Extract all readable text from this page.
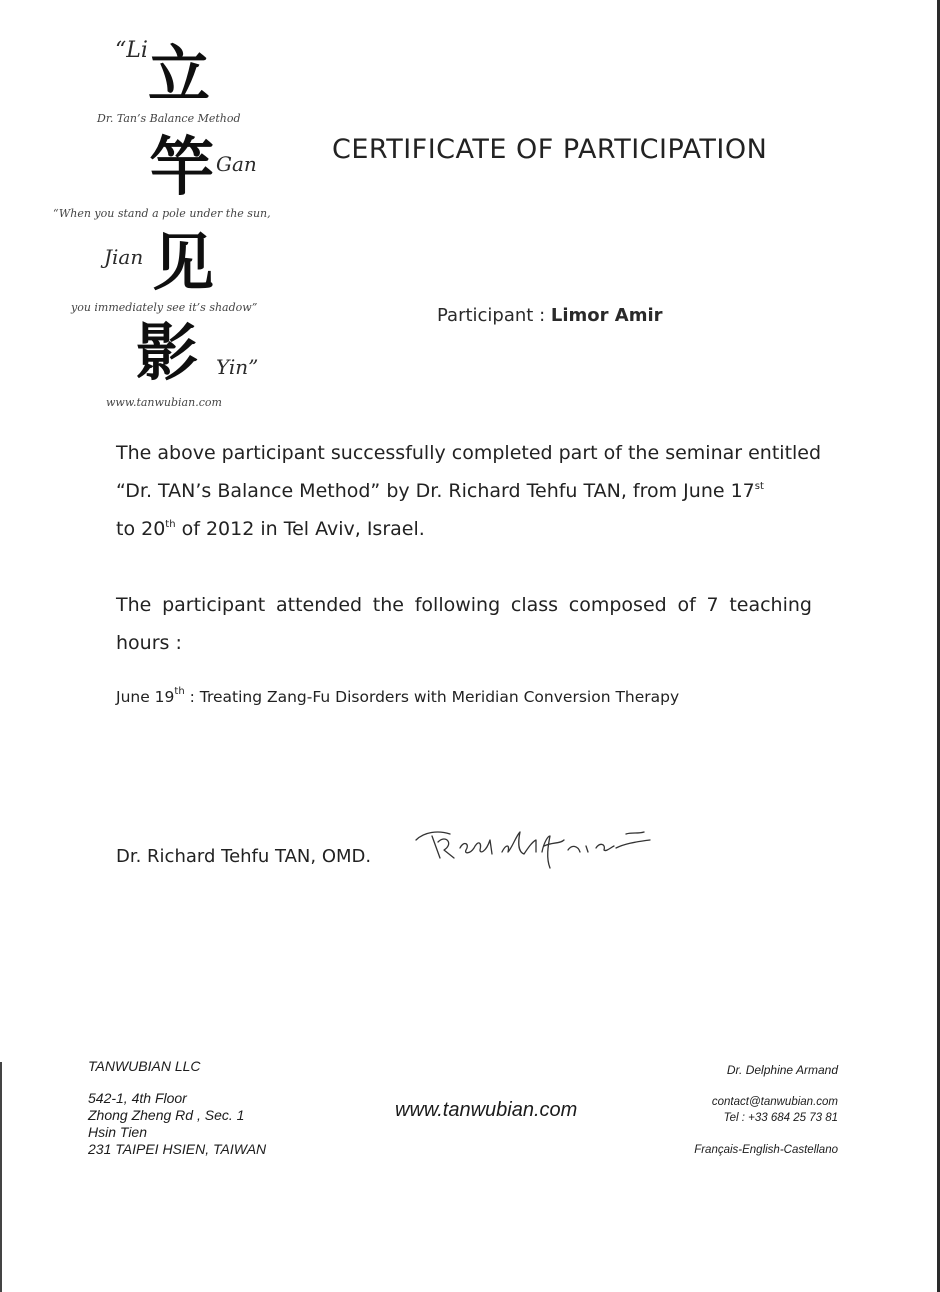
“Li 立
Dr. Tan’s Balance Method
竿 Gan
“When you stand a pole under the sun,
Jian 见
you immediately see it’s shadow”
影 Yin”
www.tanwubian.com
CERTIFICATE OF PARTICIPATION
Participant : Limor Amir

The above participant successfully completed part of the seminar entitled

“Dr. TAN’s Balance Method” by Dr. Richard Tehfu TAN, from June 17st

to 20th of 2012 in Tel Aviv, Israel.

The participant attended the following class composed of 7 teaching

hours :

June 19th : Treating Zang-Fu Disorders with Meridian Conversion Therapy
Dr. Richard Tehfu TAN, OMD.
TANWUBIAN LLC
542-1, 4th Floor
Zhong Zheng Rd , Sec. 1
Hsin Tien
231 TAIPEI HSIEN, TAIWAN
www.tanwubian.com
Dr. Delphine Armand
contact@tanwubian.com
Tel : +33 684 25 73 81
Français-English-Castellano
